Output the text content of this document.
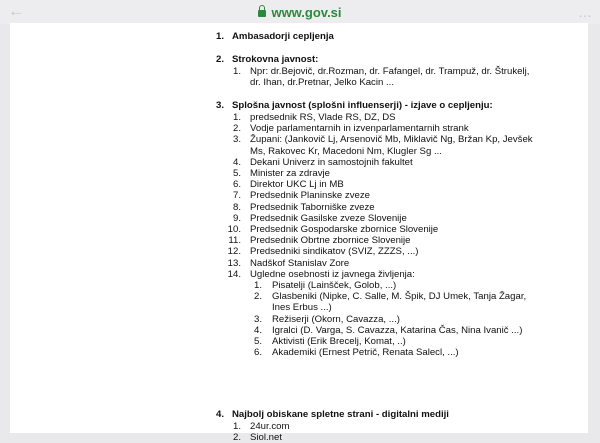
←	www.gov.si	…
1. Ambasadorji cepljenja
2. Strokovna javnost:
1. Npr: dr.Bejovič, dr.Rozman, dr. Fafangel, dr. Trampuž, dr. Štrukelj,
dr. Ihan, dr.Pretnar, Jelko Kacin ...
3. Splošna javnost (splošni influenserji) - izjave o cepljenju:
1. predsednik RS, Vlade RS, DZ, DS
2. Vodje parlamentarnih in izvenparlamentarnih strank
3. Župani: (Jankovič Lj, Arsenovič Mb, Miklavič Ng, Bržan Kp, Jevšek
Ms, Rakovec Kr, Macedoni Nm, Klugler Sg ...
4. Dekani Univerz in samostojnih fakultet
5. Minister za zdravje
6. Direktor UKC Lj in MB
7. Predsednik Planinske zveze
8. Predsednik Taborniške zveze
9. Predsednik Gasilske zveze Slovenije
10. Predsednik Gospodarske zbornice Slovenije
11. Predsednik Obrtne zbornice Slovenije
12. Predsedniki sindikatov (SVIZ, ZZZS, ...)
13. Nadškof Stanislav Zore
14. Ugledne osebnosti iz javnega življenja:
1. Pisatelji (Lainšček, Golob, ...)
2. Glasbeniki (Nipke, C. Salle, M. Špik, DJ Umek, Tanja Žagar,
Ines Erbus ...)
3. Režiserji (Okorn, Cavazza, ...)
4. Igralci (D. Varga, S. Cavazza, Katarina Čas, Nina Ivanič ...)
5. Aktivisti (Erik Brecelj, Komat, ..)
6. Akademiki (Ernest Petrič, Renata Salecl, ...)
4. Najbolj obiskane spletne strani - digitalni mediji
1. 24ur.com
2. Siol.net
